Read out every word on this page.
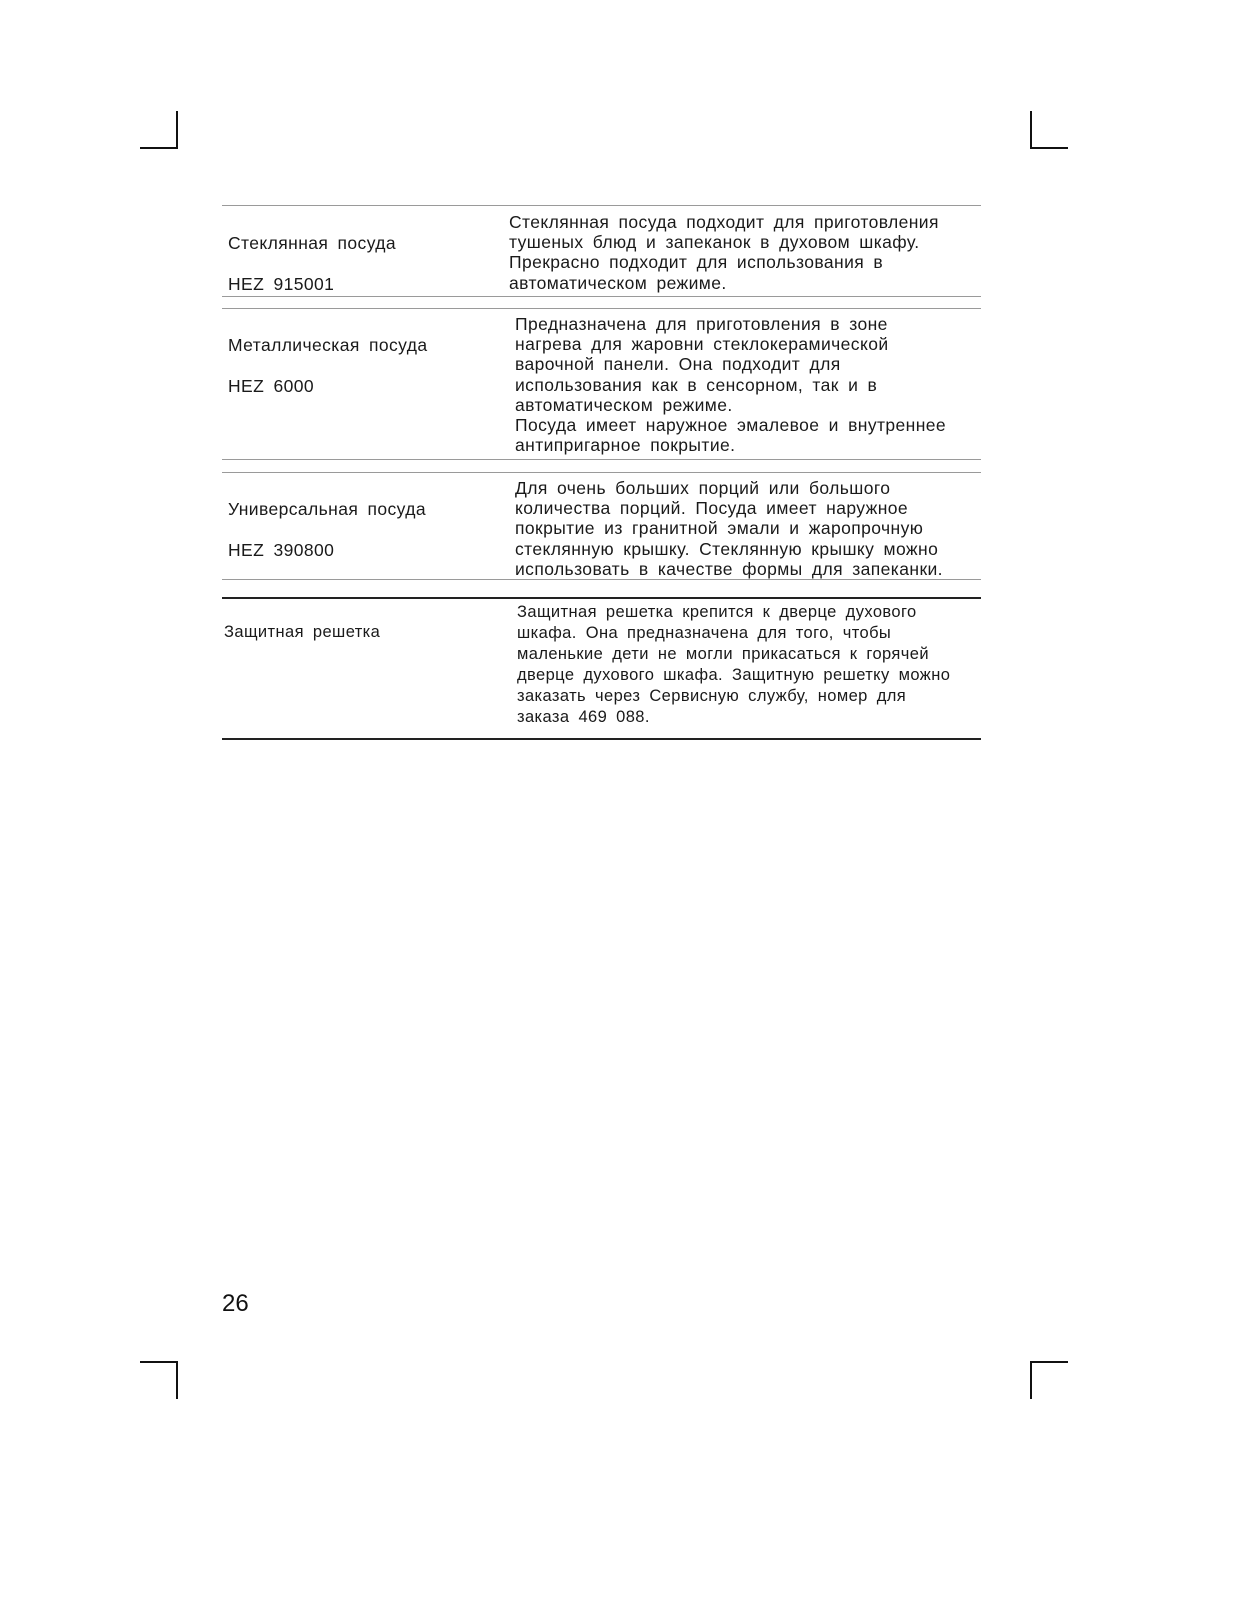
Стеклянная посуда

HEZ 915001

Стеклянная посуда подходит для приготовления
тушеных блюд и запеканок в духовом шкафу.
Прекрасно подходит для использования в
автоматическом режиме.

Металлическая посуда

HEZ 6000

Предназначена для приготовления в зоне
нагрева для жаровни стеклокерамической
варочной панели. Она подходит для
использования как в сенсорном, так и в
автоматическом режиме.
Посуда имеет наружное эмалевое и внутреннее
антипригарное покрытие.

Универсальная посуда

HEZ 390800

Для очень больших порций или большого
количества порций. Посуда имеет наружное
покрытие из гранитной эмали и жаропрочную
стеклянную крышку. Стеклянную крышку можно
использовать в качестве формы для запеканки.

Защитная решетка

Защитная решетка крепится к дверце духового
шкафа. Она предназначена для того, чтобы
маленькие дети не могли прикасаться к горячей
дверце духового шкафа. Защитную решетку можно
заказать через Сервисную службу, номер для
заказа 469 088.
26
